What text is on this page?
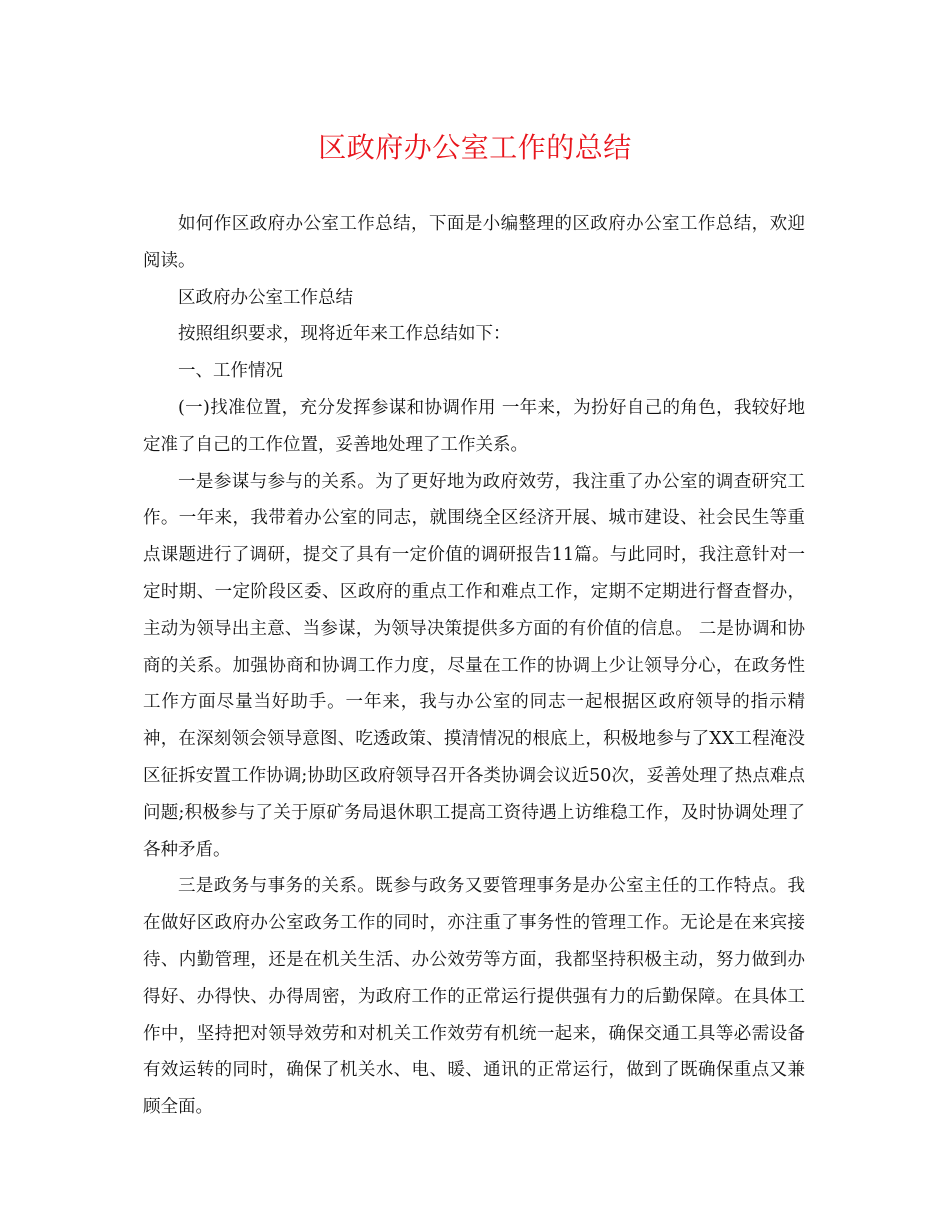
区政府办公室工作的总结

如何作区政府办公室工作总结，下面是小编整理的区政府办公室工作总结，欢迎阅读。

区政府办公室工作总结

按照组织要求，现将近年来工作总结如下：

一、工作情况

(一)找准位置，充分发挥参谋和协调作用 一年来，为扮好自己的角色，我较好地定准了自己的工作位置，妥善地处理了工作关系。

一是参谋与参与的关系。为了更好地为政府效劳，我注重了办公室的调查研究工作。一年来，我带着办公室的同志，就围绕全区经济开展、城市建设、社会民生等重点课题进行了调研，提交了具有一定价值的调研报告11篇。与此同时，我注意针对一定时期、一定阶段区委、区政府的重点工作和难点工作，定期不定期进行督查督办，主动为领导出主意、当参谋，为领导决策提供多方面的有价值的信息。 二是协调和协商的关系。加强协商和协调工作力度，尽量在工作的协调上少让领导分心，在政务性工作方面尽量当好助手。一年来，我与办公室的同志一起根据区政府领导的指示精神，在深刻领会领导意图、吃透政策、摸清情况的根底上，积极地参与了XX工程淹没区征拆安置工作协调;协助区政府领导召开各类协调会议近50次，妥善处理了热点难点问题;积极参与了关于原矿务局退休职工提高工资待遇上访维稳工作，及时协调处理了各种矛盾。

三是政务与事务的关系。既参与政务又要管理事务是办公室主任的工作特点。我在做好区政府办公室政务工作的同时，亦注重了事务性的管理工作。无论是在来宾接待、内勤管理，还是在机关生活、办公效劳等方面，我都坚持积极主动，努力做到办得好、办得快、办得周密，为政府工作的正常运行提供强有力的后勤保障。在具体工作中，坚持把对领导效劳和对机关工作效劳有机统一起来，确保交通工具等必需设备有效运转的同时，确保了机关水、电、暖、通讯的正常运行，做到了既确保重点又兼顾全面。
